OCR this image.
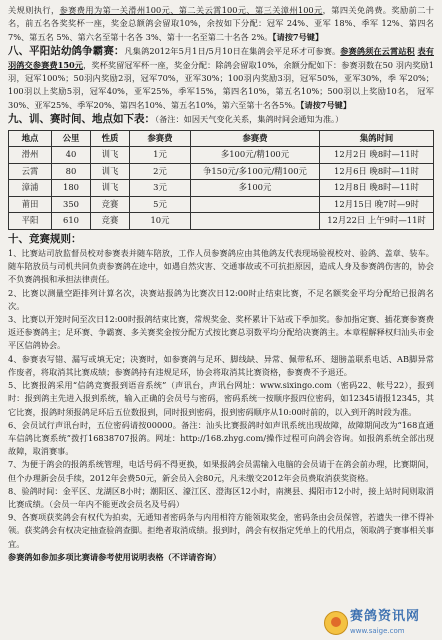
关规则执行，参赛费用为第一关滑州100元、第二关云霄100元、第三关漳州100元，第四关免鸽费。奖励前二十 名，前五名各奖奖杯一座，奖金总额鸽会留取10%，余按如下分配：冠军 24%、亚军 18%、季军 12%、第四名 7%、第五名 5%、第六名至第十名各 3%、第十一名至第二十名各 2%。【请按7号键】

八、平阳站幼鸽争霸赛：凡集鸽2012年5月1日/5月10日在集鸽会平足环才可参赛。参赛鸽须在云霄站积 表有羽鸽交参赛费150元，奖杯奖留冠军杯一座，奖金分配：除鸽会留取10%，余额分配如下：参赛羽数在50 羽内奖励1羽，冠军100%；50羽内奖励2羽，冠军70%，亚军30%；100羽内奖励3羽，冠军50%，亚军30%，季 军20%；100羽以上奖励5羽，冠军40%，亚军25%，季军15%，第四名10%，第五名10%；500羽以上奖励10名， 冠军30%、亚军25%、季军20%、第四名10%、第五名10%，第六至第十名各5%。【请按7号键】

九、训、赛时间、地点如下表：（备注：如因天气变化关系，集鸽时间会通知为准。）

地点	公里	性质	参赛费	参赛费	集鸽时间
滑州	40	训飞	1元	多100元/精100元	12月2日 晚8时—11时
云霄	80	训飞	2元	争150元/多100元/精100元	12月6日 晚8时—11时
漳浦	180	训飞	3元	多100元	12月8日 晚8时—11时
莆田	350	竞赛	5元		12月15日 晚7时—9时
平阳	610	竞赛	10元		12月22日 上午9时—11时
十、竞赛规则：

1、比赛站司放监督员校对参赛表并随车陪放，工作人员参赛鸽应由其他鸽友代表现场验视校对、验鸽、盖章、装车。随车陪放员与司机共同负责参赛鸽在途中，如遇自然灾害、交通事故或不可抗拒原因，造成人身及参赛鸽伤害的，协会不负赛鸽损和承担法律责任。

2、比赛以测量空距排列计算名次，决赛站报鸽为比赛次日12:00时止结束比赛，不足名额奖金平均分配给已报鸽名次。

3、比赛以开笼时间至次日12:00时报鸽结束比赛，常规奖金、奖杯累计下站或下季加奖。参加指定赛、插花赛参赛费返还参赛鸽主；足环赛、争霸赛、多关赛奖金按分配方式按比赛总羽数平均分配给决赛鸽主。本章程解释权归汕头市金平区信鸽协会。

4、参赛表写错、漏写或填无定；决赛时，如参赛鸽与足环、脚线缺、异常、佩带私环、翅膀盖联系电话、AB脚异常作废者，将取消其比赛成绩；参赛鸽持有违规足环，协会将取消其比赛资格，参赛费不予退还。

5、比赛报鸽采用“信鸽竞赛报到语音系统”（声讯台，声讯台网址：www.sixingo.com（密码22、帐号22），报到时：报到鸽主先进入报到系统，输入正确的会员号与密码，密码系统一按顺序报四位密码，如12345请报12345，其它比赛，报鸽时须报鸽足环后五位数报到，同时报到密码，报到密码顺序从10:00时前的，以入到开鸽时段为准。

6、会员试行声讯台时，五位密码请按00000。备注：汕头比赛报鸽时如声讯系统出现故障，故障期间改为“168直通车信鸽比赛系统”拨打16838707报鸽。网址：http://168.zhyg.com/操作过程可向鸽会咨询。如报鸽系统全部出现故障，取消赛事。

7、为便于鸽会的报鸽系统管理，电话号码不得更换，如果报鸽会员需输入电脑的会员请于在鸽会前办理，比赛期间，但个办理新会员手续，2012年会费50元，新会员入会80元，凡未缴交2012年会员费取消获奖资格。

8、验鸽时间：金平区、龙湖区8小时；潮阳区、濠江区、澄海区12小时，南澳县、揭阳市12小时，接上站时间则取消比赛成绩。（会员一年内不能更改会员名及号码）

9、各赛项获奖鸽会有权代为拍卖，无通知者密码条与内用相符方能领取奖金，密码条由会员保管，若遗失一律不得补领。获奖鸽会有权决定抽查验鸽查脚。拒绝者取消成绩。报到时，鸽会有权指定凭单上的代用点，领取鸽子赛事相关事宜。

参赛鸽如参加多项比赛请参考使用说明表格（不详请咨询）

赛鸽资讯网
www.saige.com
